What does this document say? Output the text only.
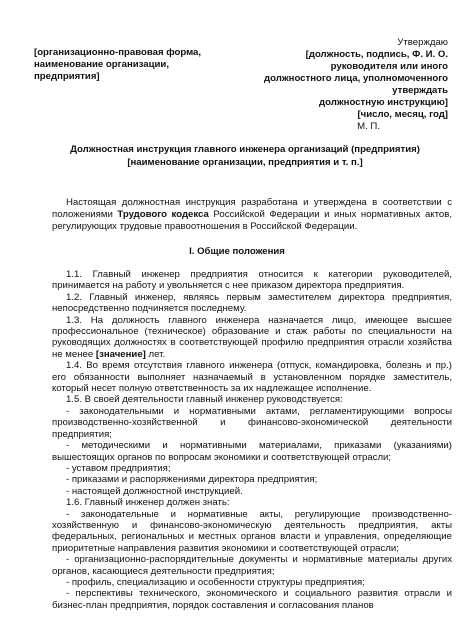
[организационно-правовая форма,
наименование организации,
предприятия]
Утверждаю
[должность, подпись, Ф. И. О.
руководителя или иного
должностного лица, уполномоченного
утверждать
должностную инструкцию]
[число, месяц, год]
М. П.
Должностная инструкция главного инженера организаций (предприятия)
[наименование организации, предприятия и т. п.]
Настоящая должностная инструкция разработана и утверждена в соответствии с положениями Трудового кодекса Российской Федерации и иных нормативных актов, регулирующих трудовые правоотношения в Российской Федерации.
I. Общие положения

1.1. Главный инженер предприятия относится к категории руководителей, принимается на работу и увольняется с нее приказом директора предприятия.

1.2. Главный инженер, являясь первым заместителем директора предприятия, непосредственно подчиняется последнему.

1.3. На должность главного инженера назначается лицо, имеющее высшее профессиональное (техническое) образование и стаж работы по специальности на руководящих должностях в соответствующей профилю предприятия отрасли хозяйства не менее [значение] лет.

1.4. Во время отсутствия главного инженера (отпуск, командировка, болезнь и пр.) его обязанности выполняет назначаемый в установленном порядке заместитель, который несет полную ответственность за их надлежащее исполнение.

1.5. В своей деятельности главный инженер руководствуется:

- законодательными и нормативными актами, регламентирующими вопросы производственно-хозяйственной и финансово-экономической деятельности предприятия;

- методическими и нормативными материалами, приказами (указаниями) вышестоящих органов по вопросам экономики и соответствующей отрасли;

- уставом предприятия;

- приказами и распоряжениями директора предприятия;

- настоящей должностной инструкцией.

1.6. Главный инженер должен знать:

- законодательные и нормативные акты, регулирующие производственно-хозяйственную и финансово-экономическую деятельность предприятия, акты федеральных, региональных и местных органов власти и управления, определяющие приоритетные направления развития экономики и соответствующей отрасли;

- организационно-распорядительные документы и нормативные материалы других органов, касающиеся деятельности предприятия;

- профиль, специализацию и особенности структуры предприятия;

- перспективы технического, экономического и социального развития отрасли и бизнес-план предприятия, порядок составления и согласования планов
